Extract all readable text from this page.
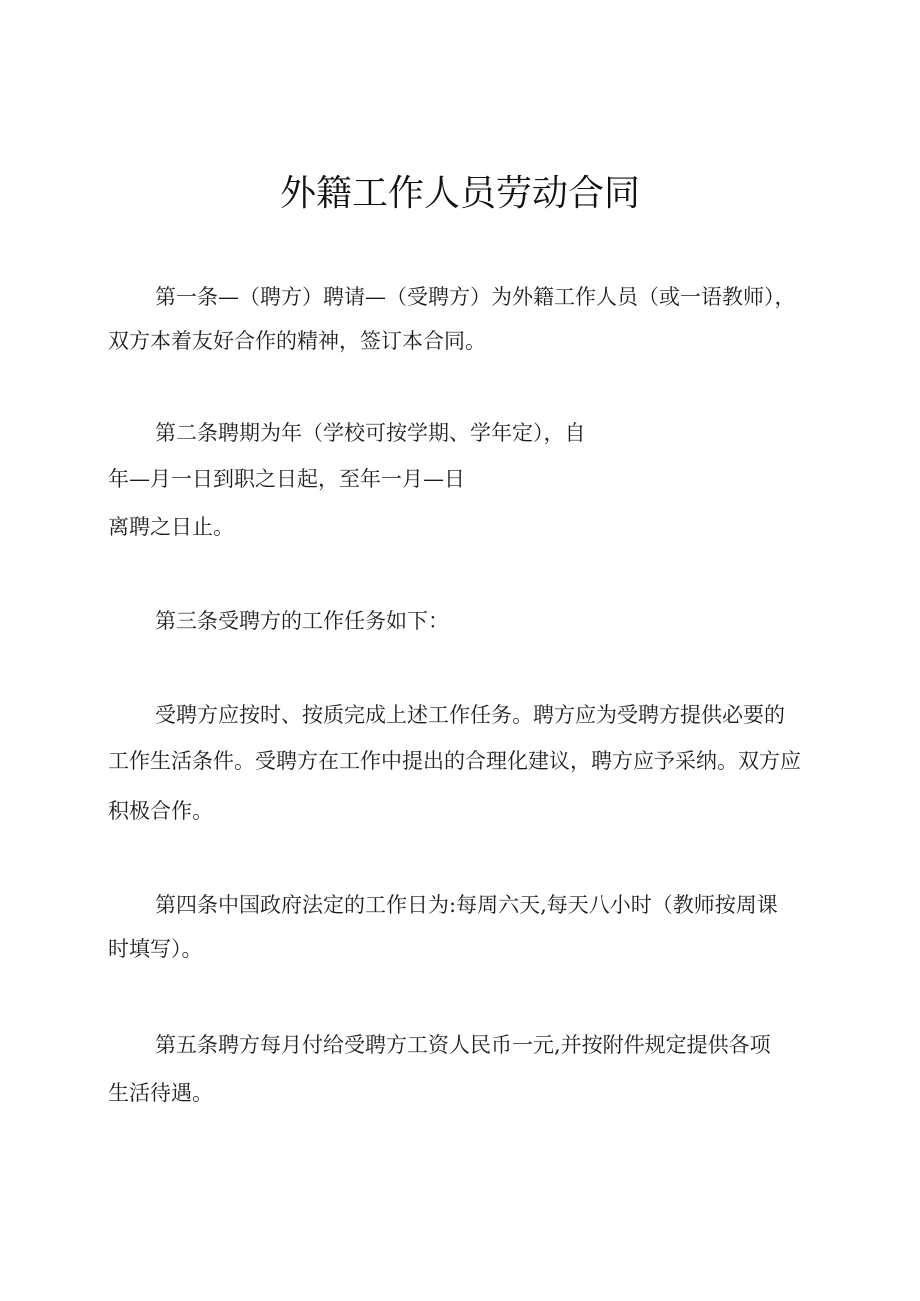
外籍工作人员劳动合同
第一条—（聘方）聘请—（受聘方）为外籍工作人员（或一语教师），
双方本着友好合作的精神，签订本合同。
第二条聘期为年（学校可按学期、学年定），自
年—月一日到职之日起，至年一月—日
离聘之日止。
第三条受聘方的工作任务如下：
受聘方应按时、按质完成上述工作任务。聘方应为受聘方提供必要的
工作生活条件。受聘方在工作中提出的合理化建议，聘方应予采纳。双方应
积极合作。
第四条中国政府法定的工作日为:每周六天,每天八小时（教师按周课
时填写）。
第五条聘方每月付给受聘方工资人民币一元,并按附件规定提供各项
生活待遇。
